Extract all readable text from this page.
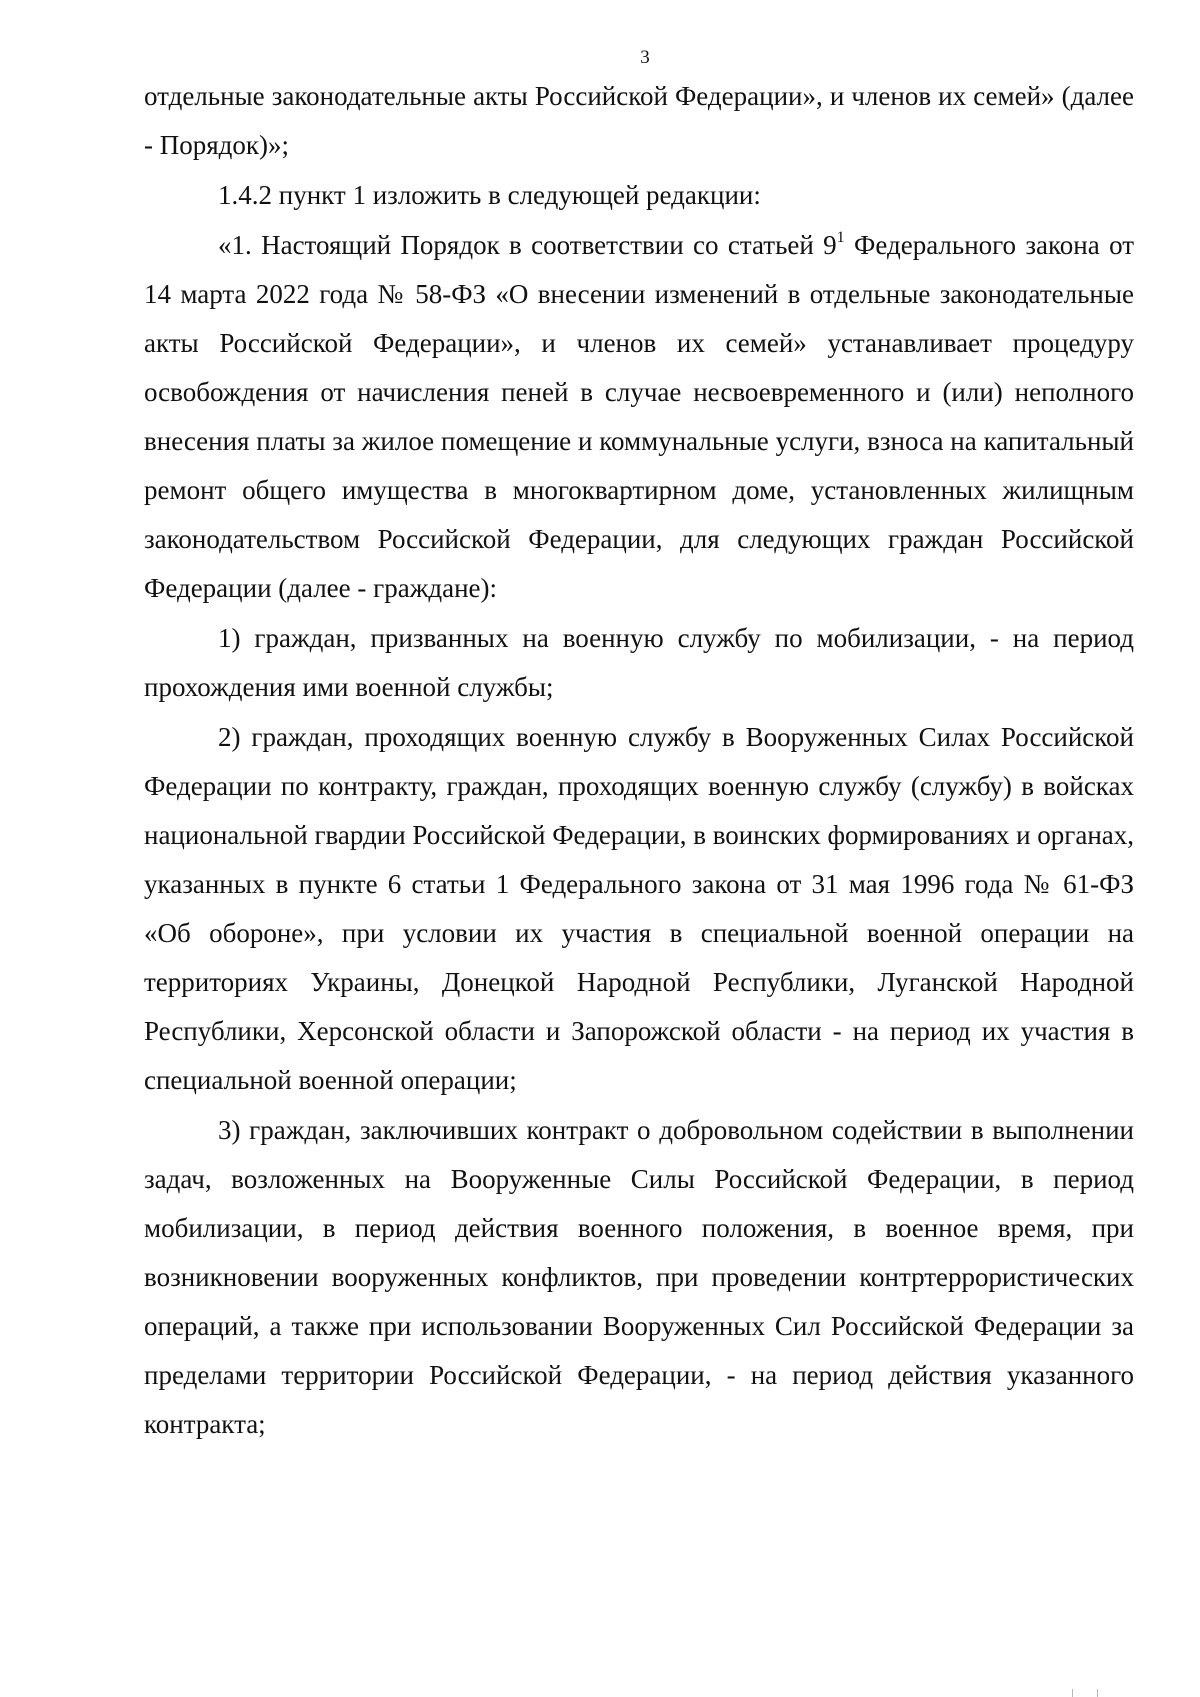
3

отдельные законодательные акты Российской Федерации», и членов их семей» (далее - Порядок)»;

1.4.2 пункт 1 изложить в следующей редакции:

«1. Настоящий Порядок в соответствии со статьей $9^1$ Федерального закона от 14 марта 2022 года № 58-ФЗ «О внесении изменений в отдельные законодательные акты Российской Федерации», и членов их семей» устанавливает процедуру освобождения от начисления пеней в случае несвоевременного и (или) неполного внесения платы за жилое помещение и коммунальные услуги, взноса на капитальный ремонт общего имущества в многоквартирном доме, установленных жилищным законодательством Российской Федерации, для следующих граждан Российской Федерации (далее - граждане):

1) граждан, призванных на военную службу по мобилизации, - на период прохождения ими военной службы;

2) граждан, проходящих военную службу в Вооруженных Силах Российской Федерации по контракту, граждан, проходящих военную службу (службу) в войсках национальной гвардии Российской Федерации, в воинских формированиях и органах, указанных в пункте 6 статьи 1 Федерального закона от 31 мая 1996 года № 61-ФЗ «Об обороне», при условии их участия в специальной военной операции на территориях Украины, Донецкой Народной Республики, Луганской Народной Республики, Херсонской области и Запорожской области - на период их участия в специальной военной операции;

3) граждан, заключивших контракт о добровольном содействии в выполнении задач, возложенных на Вооруженные Силы Российской Федерации, в период мобилизации, в период действия военного положения, в военное время, при возникновении вооруженных конфликтов, при проведении контртеррористических операций, а также при использовании Вооруженных Сил Российской Федерации за пределами территории Российской Федерации, - на период действия указанного контракта;
